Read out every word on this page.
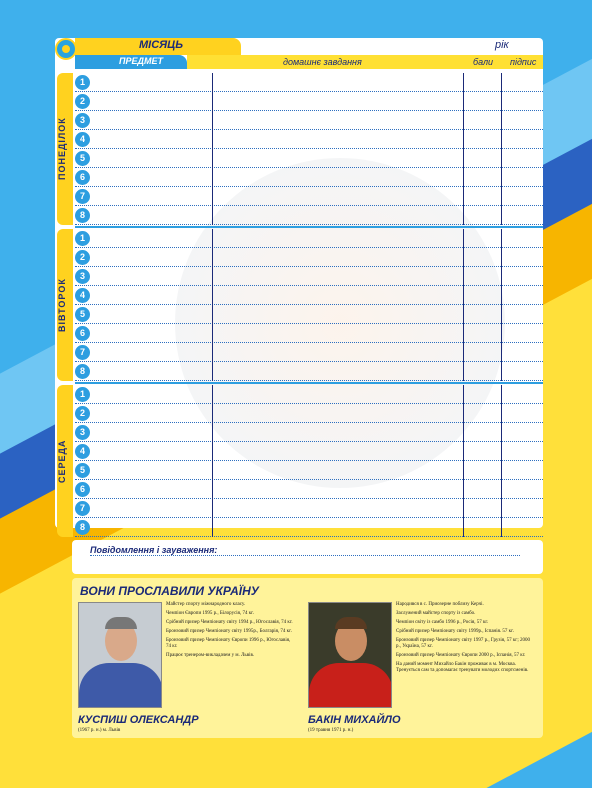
МІСЯЦЬ	рік
ПРЕДМЕТ	домашнє завдання	бали підпис
ПОНЕДІЛОК
1
2
3
4
5
6
7
8
ВІВТОРОК
1
2
3
4
5
6
7
8
СЕРЕДА
1
2
3
4
5
6
7
8
Повідомлення і зауваження:
ВОНИ ПРОСЛАВИЛИ УКРАЇНУ

Майстер спорту міжнародного класу.

Чемпіон Європи 1995 р., Білорусія, 74 кг.

Срібний призер Чемпіонату світу 1994 р., Югославія, 74 кг.

Бронзовий призер Чемпіонату світу 1995р., Болгарія, 74 кг.

Бронзовий призер Чемпіонату Європи 1996 р., Югославія, 74 кг.

Працює тренером-викладачем у м. Львів.

КУСПИШ ОЛЕКСАНДР
(1967 р. н.) м. Львів

Народився в с. Приозерне поблизу Керчі.

Заслужений майстер спорту із самбо.

Чемпіон світу із самбо 1996 р., Росія, 57 кг.

Срібний призер Чемпіонату світу 1999р., Іспанія. 57 кг.

Бронзовий призер Чемпіонату світу 1997 р., Грузія, 57 кг; 2000 р., Україна, 57 кг.

Бронзовий призер Чемпіонату Європи 2000 р., Іспанія, 57 кг.

На даний момент Михайло Бакін проживає в м. Москва. Тренується сам та допомагає тренувати молодих спортсменів.

БАКІН МИХАЙЛО
(19 травня 1971 р. н.)
